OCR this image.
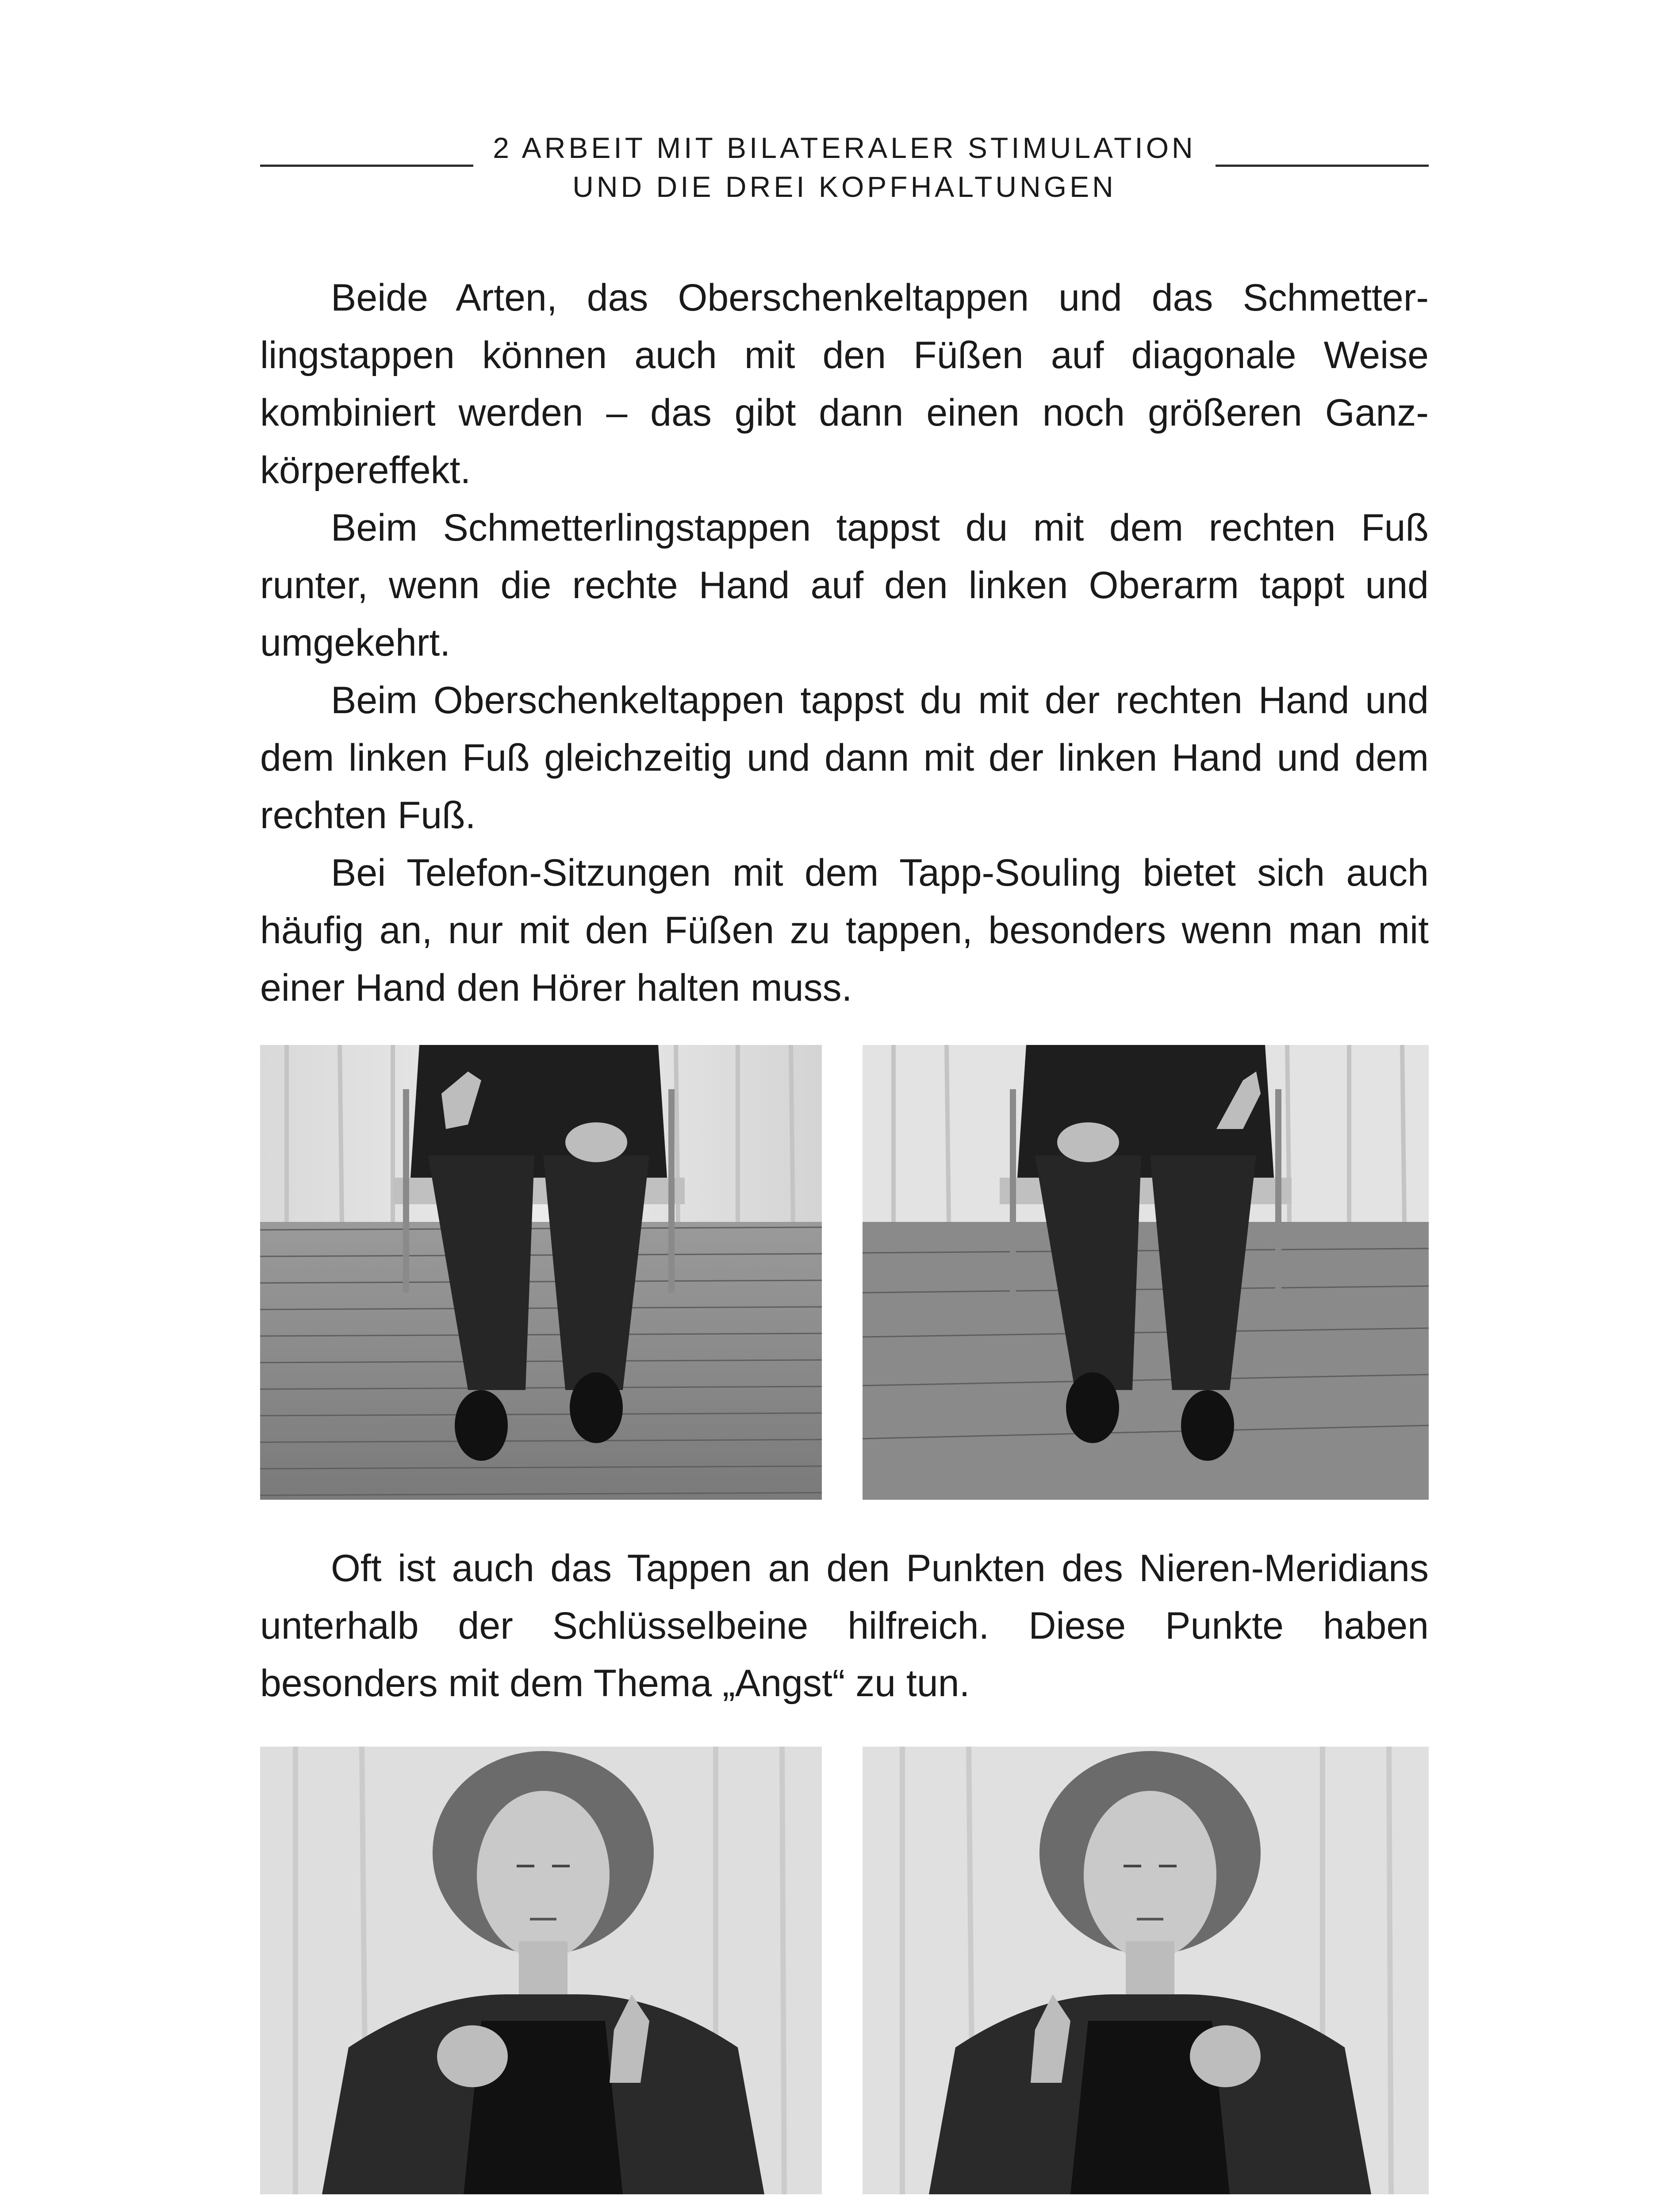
2 ARBEIT MIT BILATERALER STIMULATION
UND DIE DREI KOPFHALTUNGEN

Beide Arten, das Oberschenkeltappen und das Schmetterlingstappen können auch mit den Füßen auf diagonale Weise kombiniert werden – das gibt dann einen noch größeren Ganzkörpereffekt.

Beim Schmetterlingstappen tappst du mit dem rechten Fuß runter, wenn die rechte Hand auf den linken Oberarm tappt und umgekehrt.

Beim Oberschenkeltappen tappst du mit der rechten Hand und dem linken Fuß gleichzeitig und dann mit der linken Hand und dem rechten Fuß.

Bei Telefon-Sitzungen mit dem Tapp-Souling bietet sich auch häufig an, nur mit den Füßen zu tappen, besonders wenn man mit einer Hand den Hörer halten muss.

Oft ist auch das Tappen an den Punkten des Nieren-Meridians unterhalb der Schlüsselbeine hilfreich. Diese Punkte haben besonders mit dem Thema „Angst“ zu tun.
